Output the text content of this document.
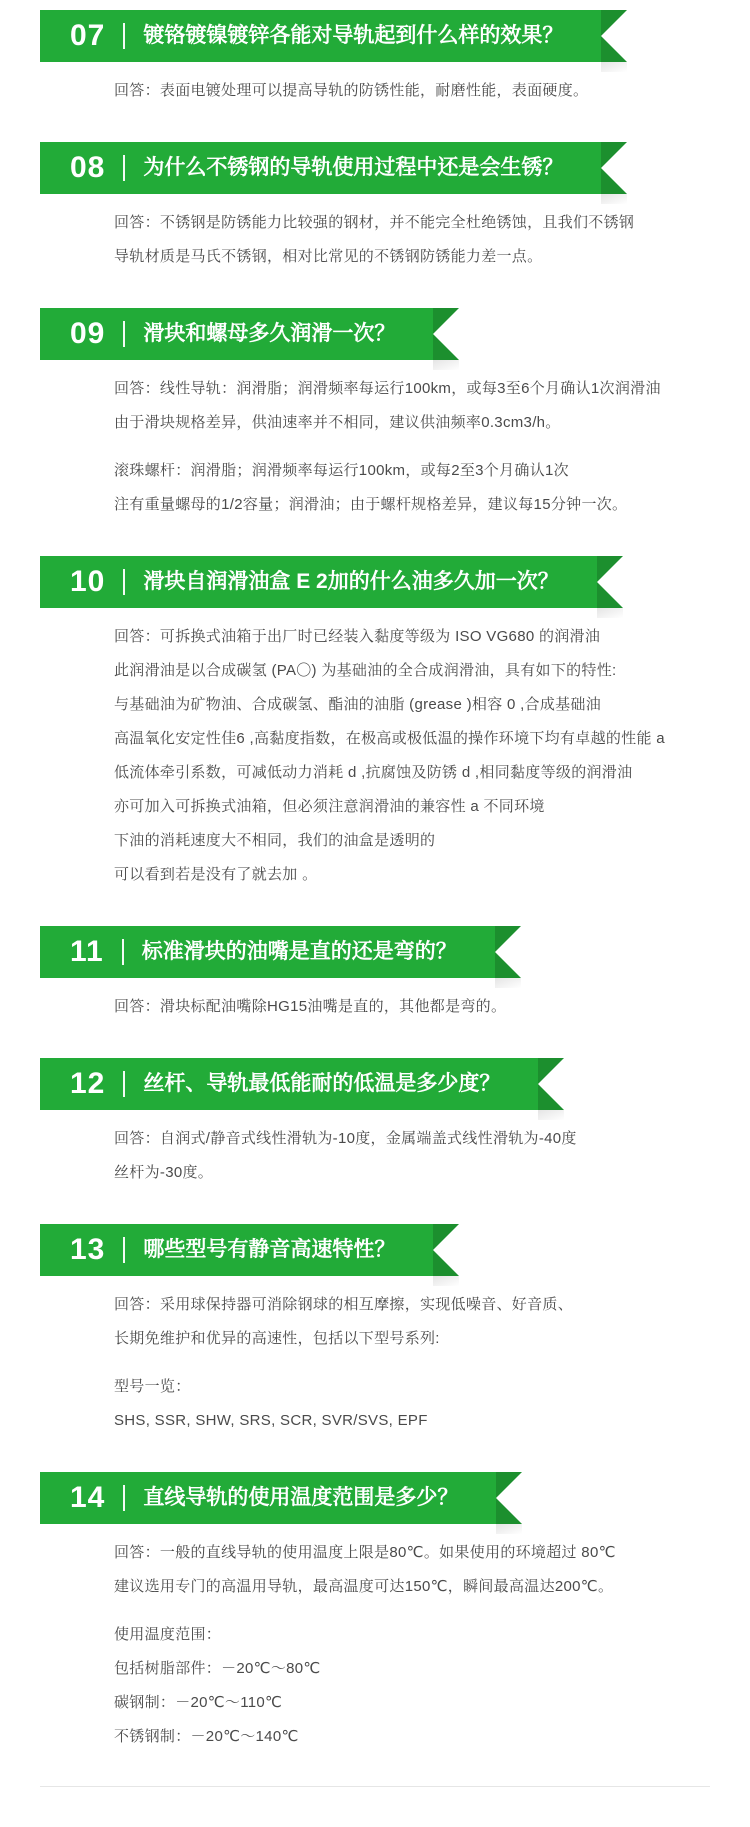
07	镀铬镀镍镀锌各能对导轨起到什么样的效果？

回答：表面电镀处理可以提高导轨的防锈性能，耐磨性能，表面硬度。

08	为什么不锈钢的导轨使用过程中还是会生锈？

回答：不锈钢是防锈能力比较强的钢材，并不能完全杜绝锈蚀，且我们不锈钢

导轨材质是马氏不锈钢，相对比常见的不锈钢防锈能力差一点。

09	滑块和螺母多久润滑一次？

回答：线性导轨：润滑脂；润滑频率每运行100km，或每3至6个月确认1次润滑油

由于滑块规格差异，供油速率并不相同，建议供油频率0.3cm3/h。

滚珠螺杆：润滑脂；润滑频率每运行100km，或每2至3个月确认1次

注有重量螺母的1/2容量；润滑油；由于螺杆规格差异，建议每15分钟一次。

10	滑块自润滑油盒 E 2加的什么油多久加一次？

回答：可拆换式油箱于出厂时已经装入黏度等级为 ISO VG680 的润滑油

此润滑油是以合成碳氢 (PA〇) 为基础油的全合成润滑油，具有如下的特性:

与基础油为矿物油、合成碳氢、酯油的油脂 (grease )相容 0 ,合成基础油

高温氧化安定性佳6 ,高黏度指数，在极高或极低温的操作环境下均有卓越的性能 a

低流体牵引系数，可减低动力消耗 d ,抗腐蚀及防锈 d ,相同黏度等级的润滑油

亦可加入可拆换式油箱，但必须注意润滑油的兼容性 a 不同环境

下油的消耗速度大不相同，我们的油盒是透明的

可以看到若是没有了就去加 。

11	标准滑块的油嘴是直的还是弯的？

回答：滑块标配油嘴除HG15油嘴是直的，其他都是弯的。

12	丝杆、导轨最低能耐的低温是多少度？

回答：自润式/静音式线性滑轨为-10度，金属端盖式线性滑轨为-40度

丝杆为-30度。

13	哪些型号有静音高速特性？

回答：采用球保持器可消除钢球的相互摩擦，实现低噪音、好音质、

长期免维护和优异的高速性，包括以下型号系列:

型号一览：

SHS, SSR, SHW, SRS, SCR, SVR/SVS, EPF

14	直线导轨的使用温度范围是多少？

回答：一般的直线导轨的使用温度上限是80℃。如果使用的环境超过 80℃

建议选用专门的高温用导轨，最高温度可达150℃，瞬间最高温达200℃。

使用温度范围：

包括树脂部件：－20℃～80℃

碳钢制：－20℃～110℃

不锈钢制：－20℃～140℃
